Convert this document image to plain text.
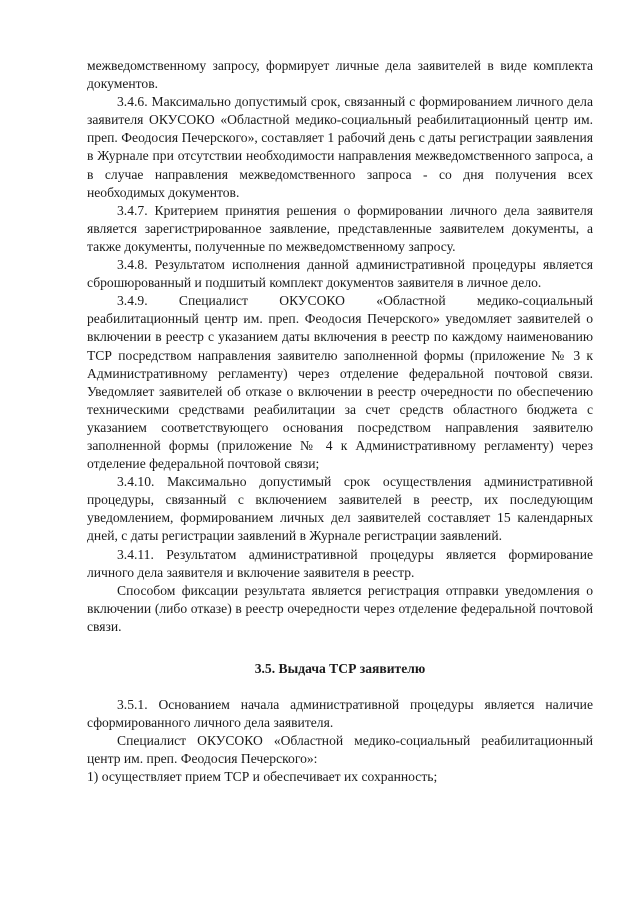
межведомственному запросу, формирует личные дела заявителей в виде комплекта документов.

3.4.6. Максимально допустимый срок, связанный с формированием личного дела заявителя ОКУСОКО «Областной медико-социальный реабилитационный центр им. преп. Феодосия Печерского», составляет 1 рабочий день с даты регистрации заявления в Журнале при отсутствии необходимости направления межведомственного запроса, а в случае направления межведомственного запроса - со дня получения всех необходимых документов.

3.4.7. Критерием принятия решения о формировании личного дела заявителя является зарегистрированное заявление, представленные заявителем документы, а также документы, полученные по межведомственному запросу.

3.4.8. Результатом исполнения данной административной процедуры является сброшюрованный и подшитый комплект документов заявителя в личное дело.

3.4.9. Специалист ОКУСОКО «Областной медико-социальный реабилитационный центр им. преп. Феодосия Печерского» уведомляет заявителей о включении в реестр с указанием даты включения в реестр по каждому наименованию ТСР посредством направления заявителю заполненной формы (приложение № 3 к Административному регламенту) через отделение федеральной почтовой связи. Уведомляет заявителей об отказе о включении в реестр очередности по обеспечению техническими средствами реабилитации за счет средств областного бюджета с указанием соответствующего основания посредством направления заявителю заполненной формы (приложение № 4 к Административному регламенту) через отделение федеральной почтовой связи;

3.4.10. Максимально допустимый срок осуществления административной процедуры, связанный с включением заявителей в реестр, их последующим уведомлением, формированием личных дел заявителей составляет 15 календарных дней, с даты регистрации заявлений в Журнале регистрации заявлений.

3.4.11. Результатом административной процедуры является формирование личного дела заявителя и включение заявителя в реестр.

Способом фиксации результата является регистрация отправки уведомления о включении (либо отказе) в реестр очередности через отделение федеральной почтовой связи.

3.5. Выдача ТСР заявителю

3.5.1. Основанием начала административной процедуры является наличие сформированного личного дела заявителя.

Специалист ОКУСОКО «Областной медико-социальный реабилитационный центр им. преп. Феодосия Печерского»:

1) осуществляет прием ТСР и обеспечивает их сохранность;
